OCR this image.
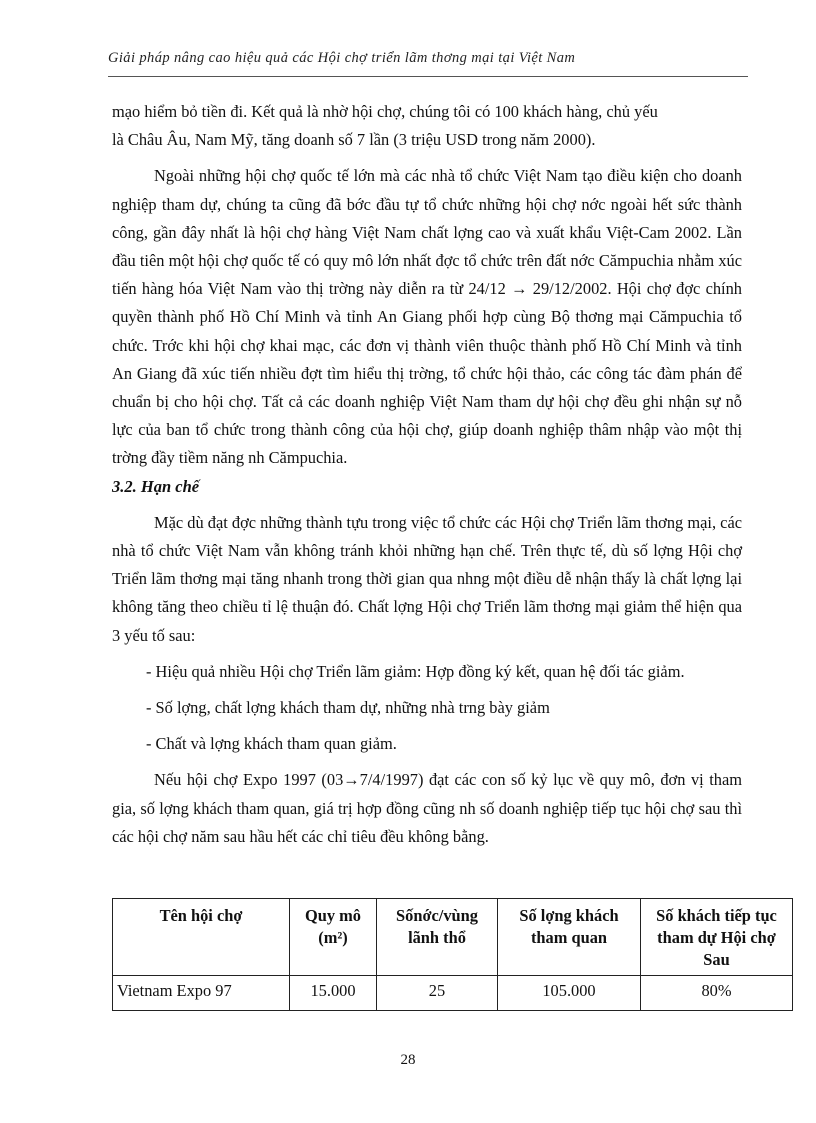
Giải pháp nâng cao hiệu quả các Hội chợ triển lãm thơng mại tại Việt Nam

mạo hiểm bỏ tiền đi. Kết quả là nhờ hội chợ, chúng tôi có 100 khách hàng, chủ yếu
là Châu Âu, Nam Mỹ, tăng doanh số 7 lần (3 triệu USD trong năm 2000).

Ngoài những hội chợ quốc tế lớn mà các nhà tổ chức Việt Nam tạo điều kiện cho doanh nghiệp tham dự, chúng ta cũng đã bớc đầu tự tổ chức những hội chợ nớc ngoài hết sức thành công, gần đây nhất là hội chợ hàng Việt Nam chất lợng cao và xuất khẩu Việt-Cam 2002. Lần đầu tiên một hội chợ quốc tế có quy mô lớn nhất đợc tổ chức trên đất nớc Cămpuchia nhằm xúc tiến hàng hóa Việt Nam vào thị trờng này diễn ra từ 24/12 → 29/12/2002. Hội chợ đợc chính quyền thành phố Hồ Chí Minh và tỉnh An Giang phối hợp cùng Bộ thơng mại Cămpuchia tổ chức. Trớc khi hội chợ khai mạc, các đơn vị thành viên thuộc thành phố Hồ Chí Minh và tỉnh An Giang đã xúc tiến nhiều đợt tìm hiểu thị trờng, tổ chức hội thảo, các công tác đàm phán để chuẩn bị cho hội chợ. Tất cả các doanh nghiệp Việt Nam tham dự hội chợ đều ghi nhận sự nỗ lực của ban tổ chức trong thành công của hội chợ, giúp doanh nghiệp thâm nhập vào một thị trờng đầy tiềm năng nh Cămpuchia.

3.2. Hạn chế

Mặc dù đạt đợc những thành tựu trong việc tổ chức các Hội chợ Triển lãm thơng mại, các nhà tổ chức Việt Nam vẫn không tránh khỏi những hạn chế. Trên thực tế, dù số lợng Hội chợ Triển lãm thơng mại tăng nhanh trong thời gian qua nhng một điều dễ nhận thấy là chất lợng lại không tăng theo chiều tỉ lệ thuận đó. Chất lợng Hội chợ Triển lãm thơng mại giảm thể hiện qua 3 yếu tố sau:

- Hiệu quả nhiều Hội chợ Triển lãm giảm: Hợp đồng ký kết, quan hệ đối tác giảm.

- Số lợng, chất lợng khách tham dự, những nhà trng bày giảm

- Chất và lợng khách tham quan giảm.

Nếu hội chợ Expo 1997 (03→7/4/1997) đạt các con số kỷ lục về quy mô, đơn vị tham gia, số lợng khách tham quan, giá trị hợp đồng cũng nh số doanh nghiệp tiếp tục hội chợ sau thì các hội chợ năm sau hầu hết các chỉ tiêu đều không bằng.

Tên hội chợ	Quy mô (m²)	Sốnớc/vùng lãnh thổ	Số lợng khách tham quan	Số khách tiếp tục tham dự Hội chợ Sau
Vietnam Expo 97	15.000	25	105.000	80%
28
